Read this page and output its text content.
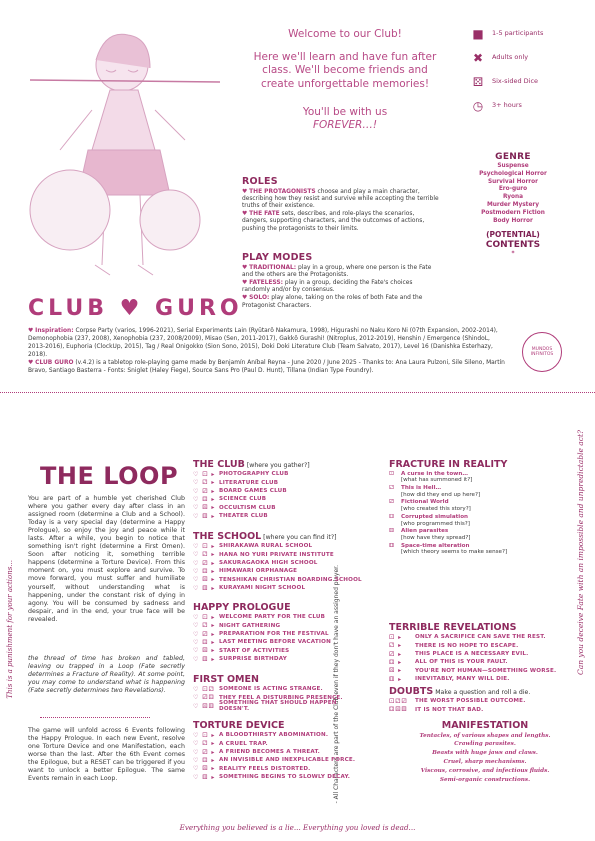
Welcome to our Club!
Here we'll learn and have fun after class. We'll become friends and create unforgettable memories!
You'll be with us
FOREVER…!
■	1-5 participants
✖	Adults only
⚄	Six-sided Dice
◷	3+ hours
GENRE
Suspense
Psychological Horror
Survival Horror
Ero-guro
Ryona
Murder Mystery
Postmodern Fiction
Body Horror
(POTENTIAL)
CONTENTS
*
ROLES

♥ THE PROTAGONISTS choose and play a main character, describing how they resist and survive while accepting the terrible truths of their existence.

♥ THE FATE sets, describes, and role-plays the scenarios, dangers, supporting characters, and the outcomes of actions, pushing the protagonists to their limits.

PLAY MODES

♥ TRADITIONAL: play in a group, where one person is the Fate and the others are the Protagonists.

♥ FATELESS: play in a group, deciding the Fate's choices randomly and/or by consensus.

♥ SOLO: play alone, taking on the roles of both Fate and the Protagonist Characters.

CLUB ♥ GURO

♥ Inspiration: Corpse Party (varios, 1996-2021), Serial Experiments Lain (Ryūtarō Nakamura, 1998), Higurashi no Naku Koro Ni (07th Expansion, 2002-2014), Demonophobia (237, 2008), Xenophobia (237, 2008/2009), Misao (Sen, 2011-2017), Gakkō Gurashi! (Nitroplus, 2012-2019), Henshin / Emergence (ShindoL, 2013-2016), Euphoria (ClockUp, 2015), Tag / Real Onigokko (Sion Sono, 2015), Doki Doki Literature Club (Team Salvato, 2017), Level 16 (Danishka Esterhazy, 2018).

♥ CLUB GURO (v.4.2) is a tabletop role-playing game made by Benjamín Aníbal Reyna - June 2020 / June 2025 - Thanks to: Ana Laura Pulzoni, Sile Sileno, Martín Bravo, Santiago Basterra - Fonts: Sniglet (Haley Fiege), Source Sans Pro (Paul D. Hunt), Tillana (Indian Type Foundry).

MUNDOS INFINITOS
THE LOOP
You are part of a humble yet cherished Club where you gather every day after class in an assigned room (determine a Club and a School). Today is a very special day (determine a Happy Prologue), so enjoy the joy and peace while it lasts. After a while, you begin to notice that something isn't right (determine a First Omen). Soon after noticing it, something terrible happens (determine a Torture Device). From this moment on, you must explore and survive. To move forward, you must suffer and humiliate yourself, without understanding what is happening, under the constant risk of dying in agony. You will be consumed by sadness and despair, and in the end, your true face will be revealed.
the thread of time has broken and tabled, leaving ou trapped in a Loop (Fate secretly determines a Fracture of Reality). At some point, you may come to understand what is happening (Fate secretly determines two Revelations).
The game will unfold across 6 Events following the Happy Prologue. In each new Event, resolve one Torture Device and one Manifestation, each worse than the last. After the 6th Event comes the Epilogue, but a RESET can be triggered if you want to unlock a better Epilogue. The same Events remain in each Loop.
This is a punishment for your actions...	Can you deceive Fate with an impossible and unpredictable act?
- All Characters are part of the Club even if they don't have an assigned player.
THE CLUB [where you gather?]
♡ ⚀ ▸ PHOTOGRAPHY CLUB
♡ ⚁ ▸ LITERATURE CLUB
♡ ⚂ ▸ BOARD GAMES CLUB
♡ ⚃ ▸ SCIENCE CLUB
♡ ⚄ ▸ OCCULTISM CLUB
♡ ⚅ ▸ THEATER CLUB
THE SCHOOL [where you can find it?]
♡ ⚀ ▸ SHIRAKAWA RURAL SCHOOL
♡ ⚁ ▸ HANA NO YURI PRIVATE INSTITUTE
♡ ⚂ ▸ SAKURAGAOKA HIGH SCHOOL
♡ ⚃ ▸ HIMAWARI ORPHANAGE
♡ ⚄ ▸ TENSHIKAN CHRISTIAN BOARDING SCHOOL
♡ ⚅ ▸ KURAYAMI NIGHT SCHOOL
HAPPY PROLOGUE
♡ ⚀ ▸ WELCOME PARTY FOR THE CLUB
♡ ⚁ ▸ NIGHT GATHERING
♡ ⚂ ▸ PREPARATION FOR THE FESTIVAL
♡ ⚃ ▸ LAST MEETING BEFORE VACATION
♡ ⚄ ▸ START OF ACTIVITIES
♡ ⚅ ▸ SURPRISE BIRTHDAY
FIRST OMEN
♡ ⚀⚁ SOMEONE IS ACTING STRANGE.
♡ ⚂⚃ THEY FEEL A DISTURBING PRESENCE.
♡ ⚄⚅
SOMETHING THAT SHOULD HAPPEN DOESN'T.
TORTURE DEVICE
♡ ⚀ ▸ A BLOODTHIRSTY ABOMINATION.
♡ ⚁ ▸ A CRUEL TRAP.
♡ ⚂ ▸ A FRIEND BECOMES A THREAT.
♡ ⚃ ▸ AN INVISIBLE AND INEXPLICABLE FORCE.
♡ ⚄ ▸ REALITY FEELS DISTORTED.
♡ ⚅ ▸ SOMETHING BEGINS TO SLOWLY DECAY.
FRACTURE IN REALITY
⚀	A curse in the town…
[what has summoned it?]
⚁	This is Hell…
[how did they end up here?]
⚂	Fictional World
[who created this story?]
⚃	Corrupted simulation
[who programmed this?]
⚄	Alien parasites
[how have they spread?]
⚅	Space-time alteration
[which theory seems to make sense?]
TERRIBLE REVELATIONS
⚀ ▸	ONLY A SACRIFICE CAN SAVE THE REST.
⚁ ▸	THERE IS NO HOPE TO ESCAPE.
⚂ ▸	THIS PLACE IS A NECESSARY EVIL.
⚃ ▸	ALL OF THIS IS YOUR FAULT.
⚄ ▸	YOU'RE NOT HUMAN—SOMETHING WORSE.
⚅ ▸	INEVITABLY, MANY WILL DIE.
DOUBTS Make a question and roll a die.
⚀⚁⚂	THE WORST POSSIBLE OUTCOME.
⚃⚄⚅	IT IS NOT THAT BAD.
MANIFESTATION

Tentacles, of various shapes and lengths.

Crawling parasites.

Beasts with huge jaws and claws.

Cruel, sharp mechanisms.

Viscous, corrosive, and infectious fluids.

Semi-organic constructions.

Everything you believed is a lie... Everything you loved is dead...
